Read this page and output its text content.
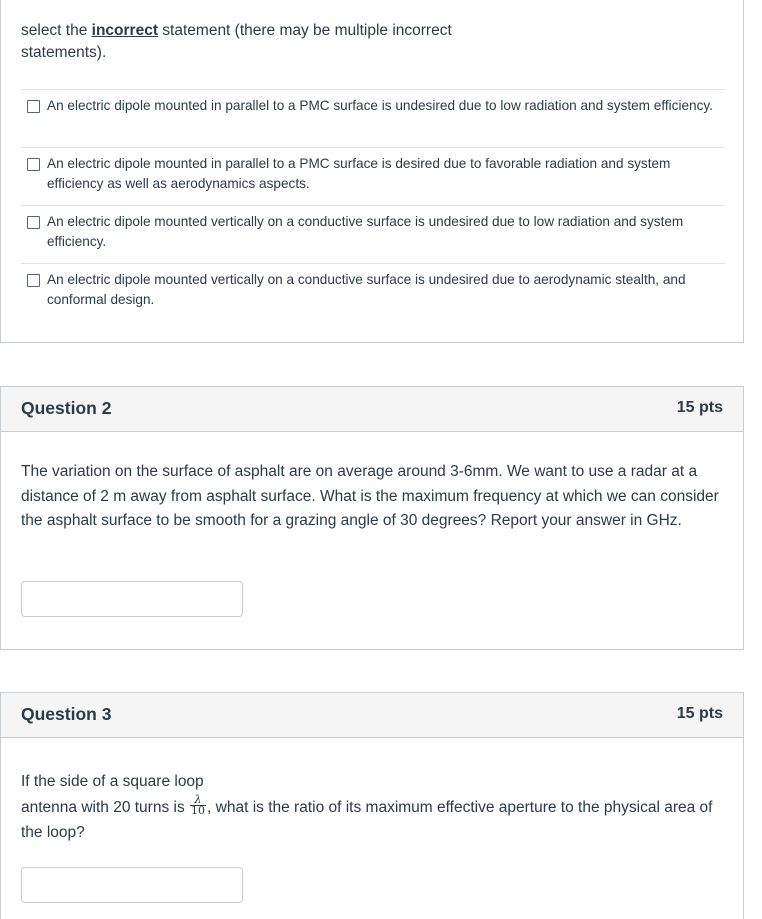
select the incorrect statement (there may be multiple incorrect statements).
An electric dipole mounted in parallel to a PMC surface is undesired due to low radiation and system efficiency.
An electric dipole mounted in parallel to a PMC surface is desired due to favorable radiation and system efficiency as well as aerodynamics aspects.
An electric dipole mounted vertically on a conductive surface is undesired due to low radiation and system efficiency.
An electric dipole mounted vertically on a conductive surface is undesired due to aerodynamic stealth, and conformal design.
Question 2	15 pts
The variation on the surface of asphalt are on average around 3-6mm. We want to use a radar at a distance of 2 m away from asphalt surface. What is the maximum frequency at which we can consider the asphalt surface to be smooth for a grazing angle of 30 degrees? Report your answer in GHz.
Question 3	15 pts
If the side of a square loop
antenna with 20 turns is $\frac{\lambda}{10}$ , what is the ratio of its maximum effective aperture to the physical area of the loop?
